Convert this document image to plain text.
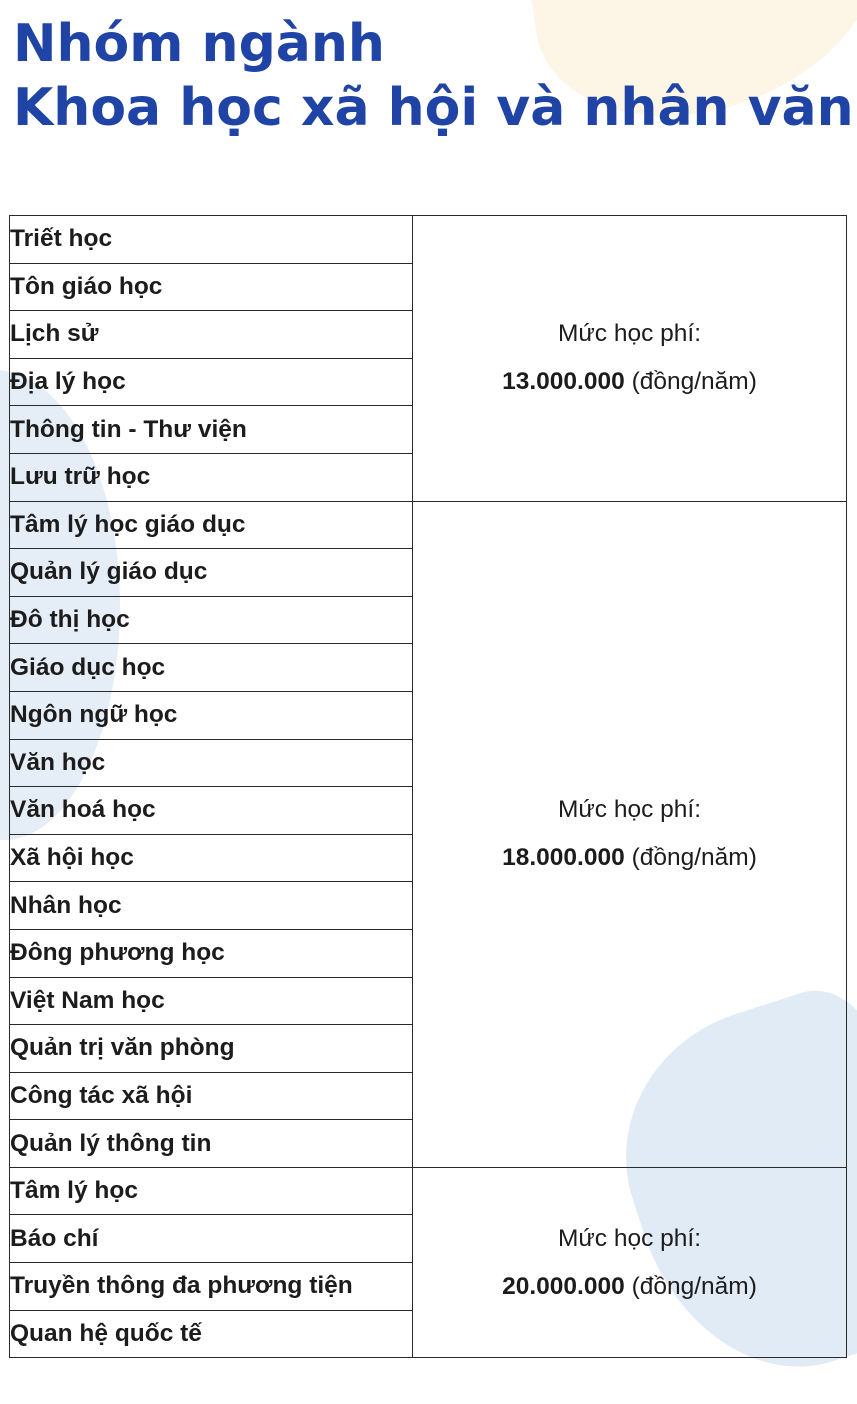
Nhóm ngành
Khoa học xã hội và nhân văn
Triết học	Mức học phí:
13.000.000 (đồng/năm)

Tôn giáo học	
Lịch sử	
Địa lý học	
Thông tin - Thư viện	
Lưu trữ học	
Tâm lý học giáo dục	Mức học phí:
18.000.000 (đồng/năm)

Quản lý giáo dục	
Đô thị học	
Giáo dục học	
Ngôn ngữ học	
Văn học	
Văn hoá học	
Xã hội học	
Nhân học	
Đông phương học	
Việt Nam học	
Quản trị văn phòng	
Công tác xã hội	
Quản lý thông tin	
Tâm lý học	Mức học phí:
20.000.000 (đồng/năm)

Báo chí	
Truyền thông đa phương tiện	
Quan hệ quốc tế	
